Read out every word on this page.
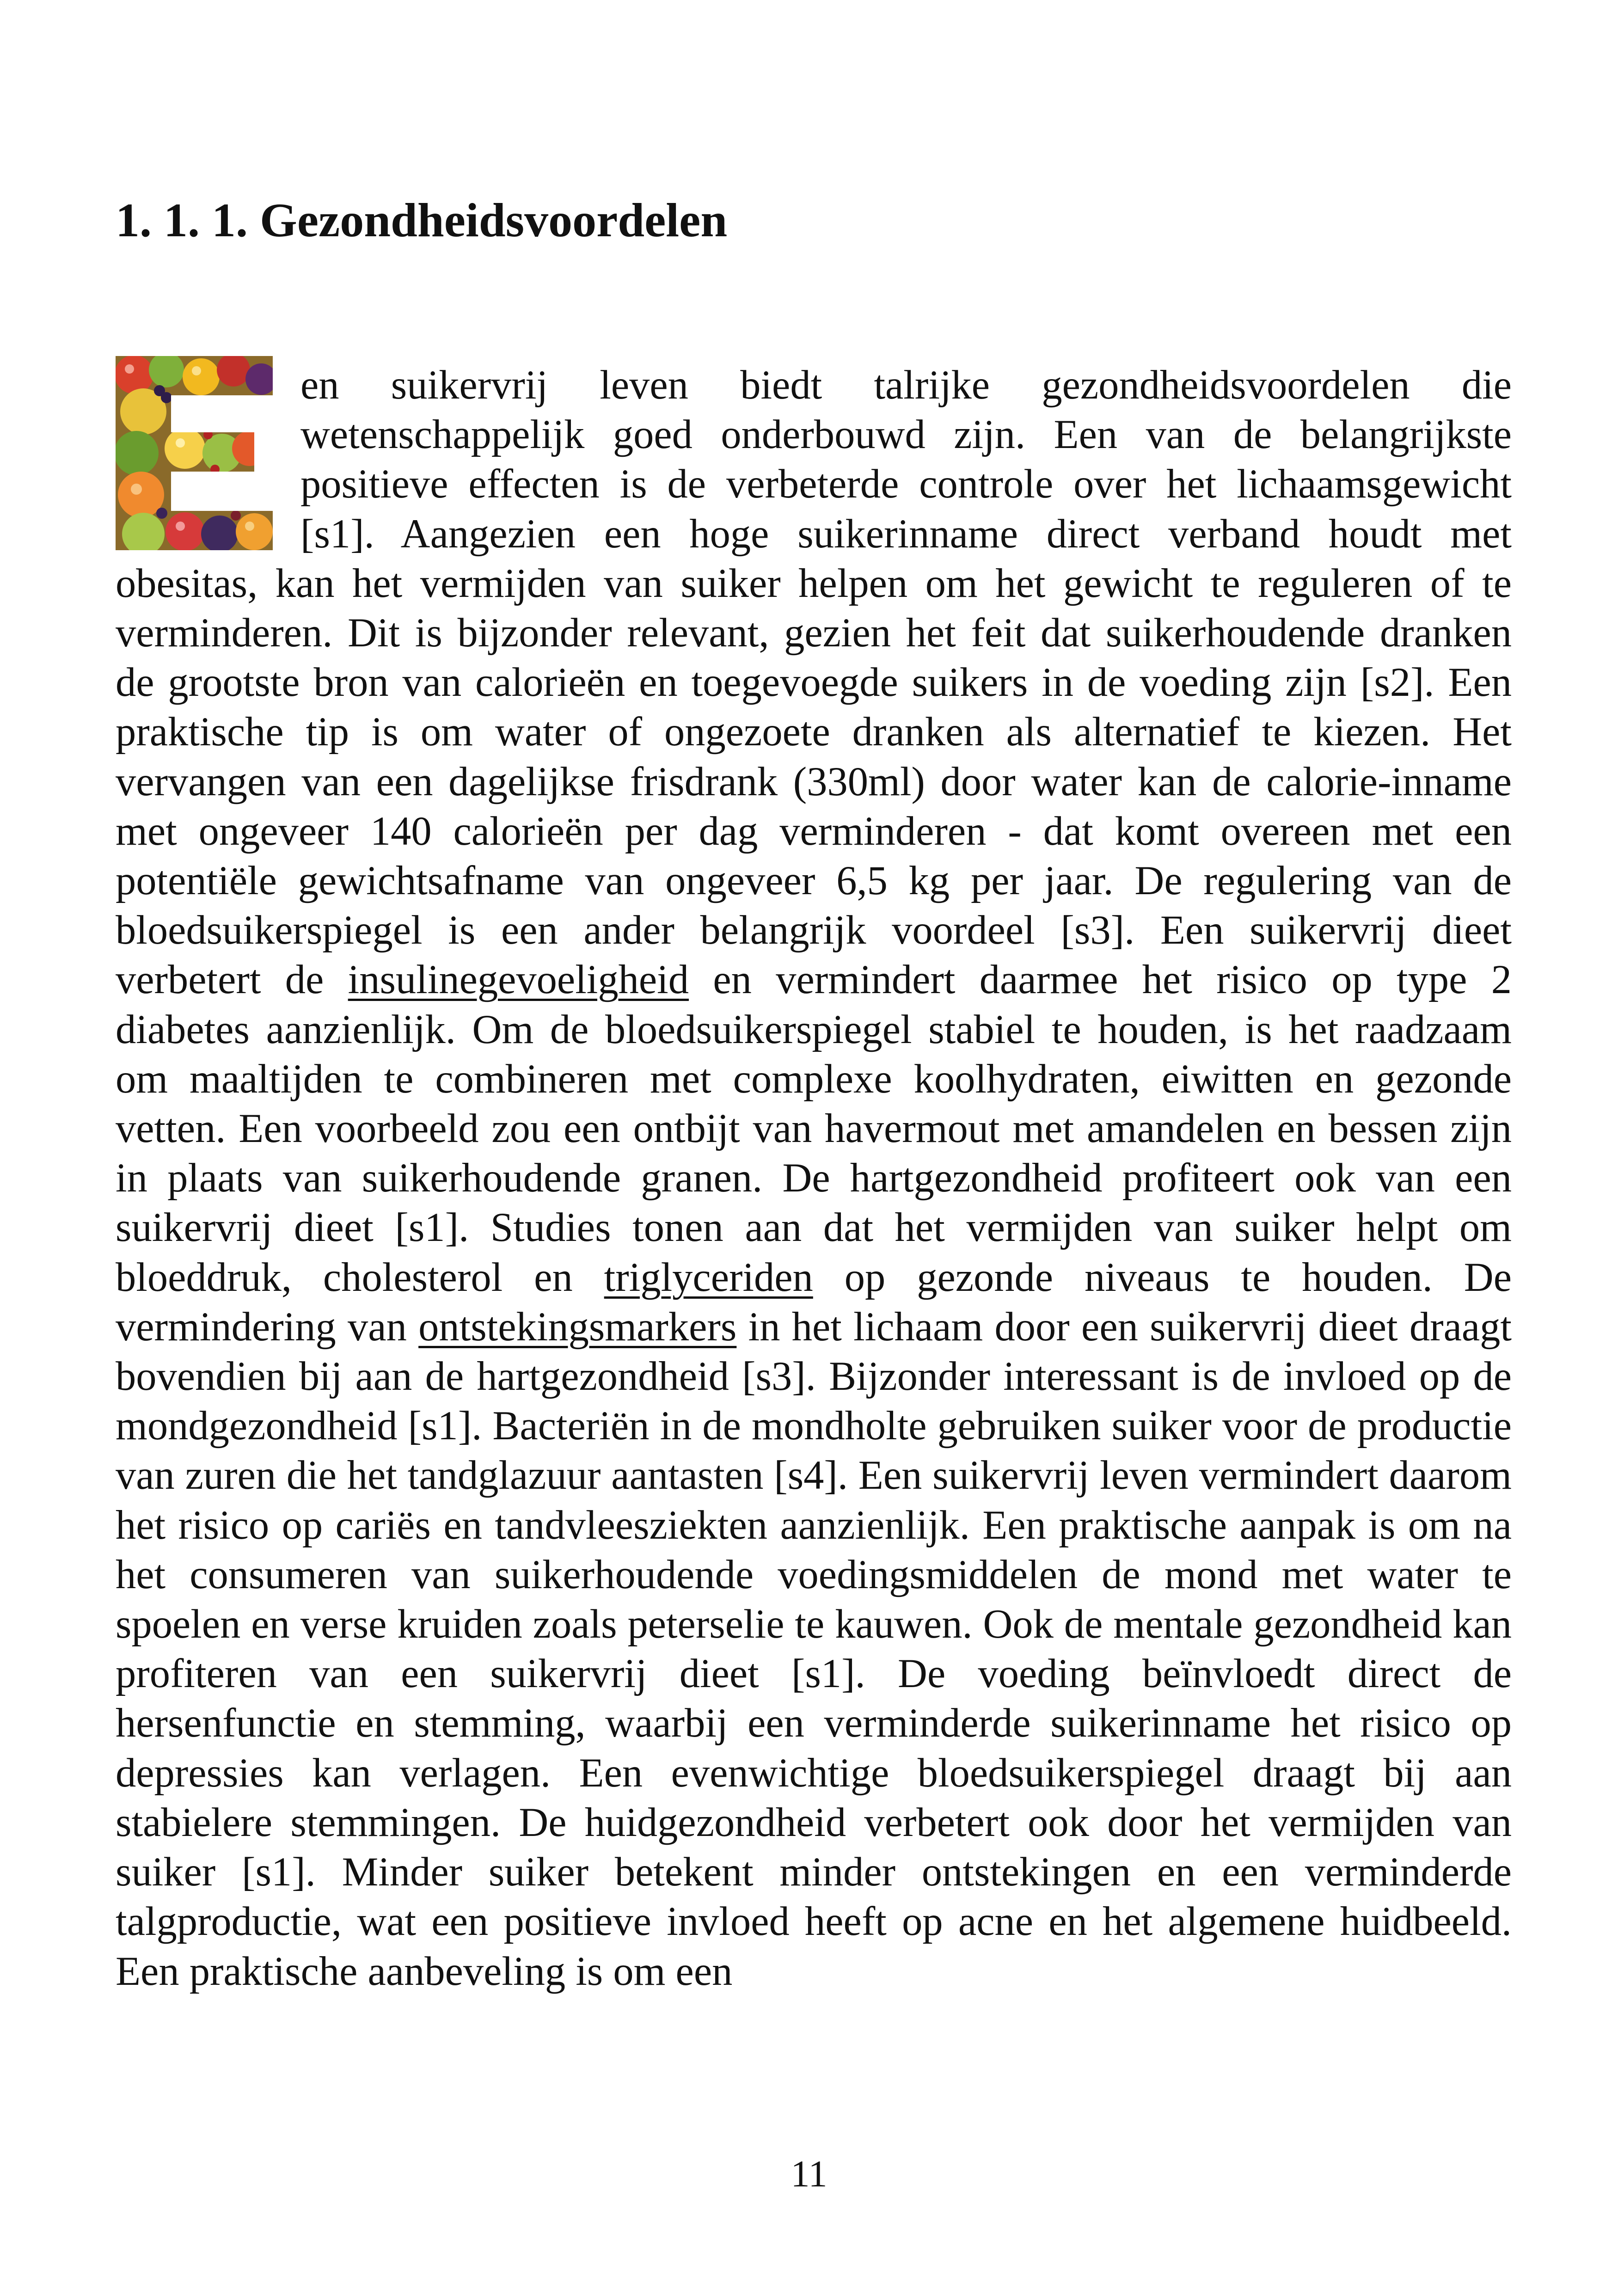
1. 1. 1. Gezondheidsvoordelen

en suikervrij leven biedt talrijke gezondheidsvoordelen die wetenschappelijk goed onderbouwd zijn. Een van de belangrijkste positieve effecten is de verbeterde controle over het lichaamsgewicht [s1]. Aangezien een hoge suikerinname direct verband houdt met obesitas, kan het vermijden van suiker helpen om het gewicht te reguleren of te verminderen. Dit is bijzonder relevant, gezien het feit dat suikerhoudende dranken de grootste bron van calorieën en toegevoegde suikers in de voeding zijn [s2]. Een praktische tip is om water of ongezoete dranken als alternatief te kiezen. Het vervangen van een dagelijkse frisdrank (330ml) door water kan de calorie-inname met ongeveer 140 calorieën per dag verminderen - dat komt overeen met een potentiële gewichtsafname van ongeveer 6,5 kg per jaar. De regulering van de bloedsuikerspiegel is een ander belangrijk voordeel [s3]. Een suikervrij dieet verbetert de insulinegevoeligheid en vermindert daarmee het risico op type 2 diabetes aanzienlijk. Om de bloedsuikerspiegel stabiel te houden, is het raadzaam om maaltijden te combineren met complexe koolhydraten, eiwitten en gezonde vetten. Een voorbeeld zou een ontbijt van havermout met amandelen en bessen zijn in plaats van suikerhoudende granen. De hartgezondheid profiteert ook van een suikervrij dieet [s1]. Studies tonen aan dat het vermijden van suiker helpt om bloeddruk, cholesterol en triglyceriden op gezonde niveaus te houden. De vermindering van ontstekingsmarkers in het lichaam door een suikervrij dieet draagt bovendien bij aan de hartgezondheid [s3]. Bijzonder interessant is de invloed op de mondgezondheid [s1]. Bacteriën in de mondholte gebruiken suiker voor de productie van zuren die het tandglazuur aantasten [s4]. Een suikervrij leven vermindert daarom het risico op cariës en tandvleesziekten aanzienlijk. Een praktische aanpak is om na het consumeren van suikerhoudende voedingsmiddelen de mond met water te spoelen en verse kruiden zoals peterselie te kauwen. Ook de mentale gezondheid kan profiteren van een suikervrij dieet [s1]. De voeding beïnvloedt direct de hersenfunctie en stemming, waarbij een verminderde suikerinname het risico op depressies kan verlagen. Een evenwichtige bloedsuikerspiegel draagt bij aan stabielere stemmingen. De huidgezondheid verbetert ook door het vermijden van suiker [s1]. Minder suiker betekent minder ontstekingen en een verminderde talgproductie, wat een positieve invloed heeft op acne en het algemene huidbeeld. Een praktische aanbeveling is om een

11
